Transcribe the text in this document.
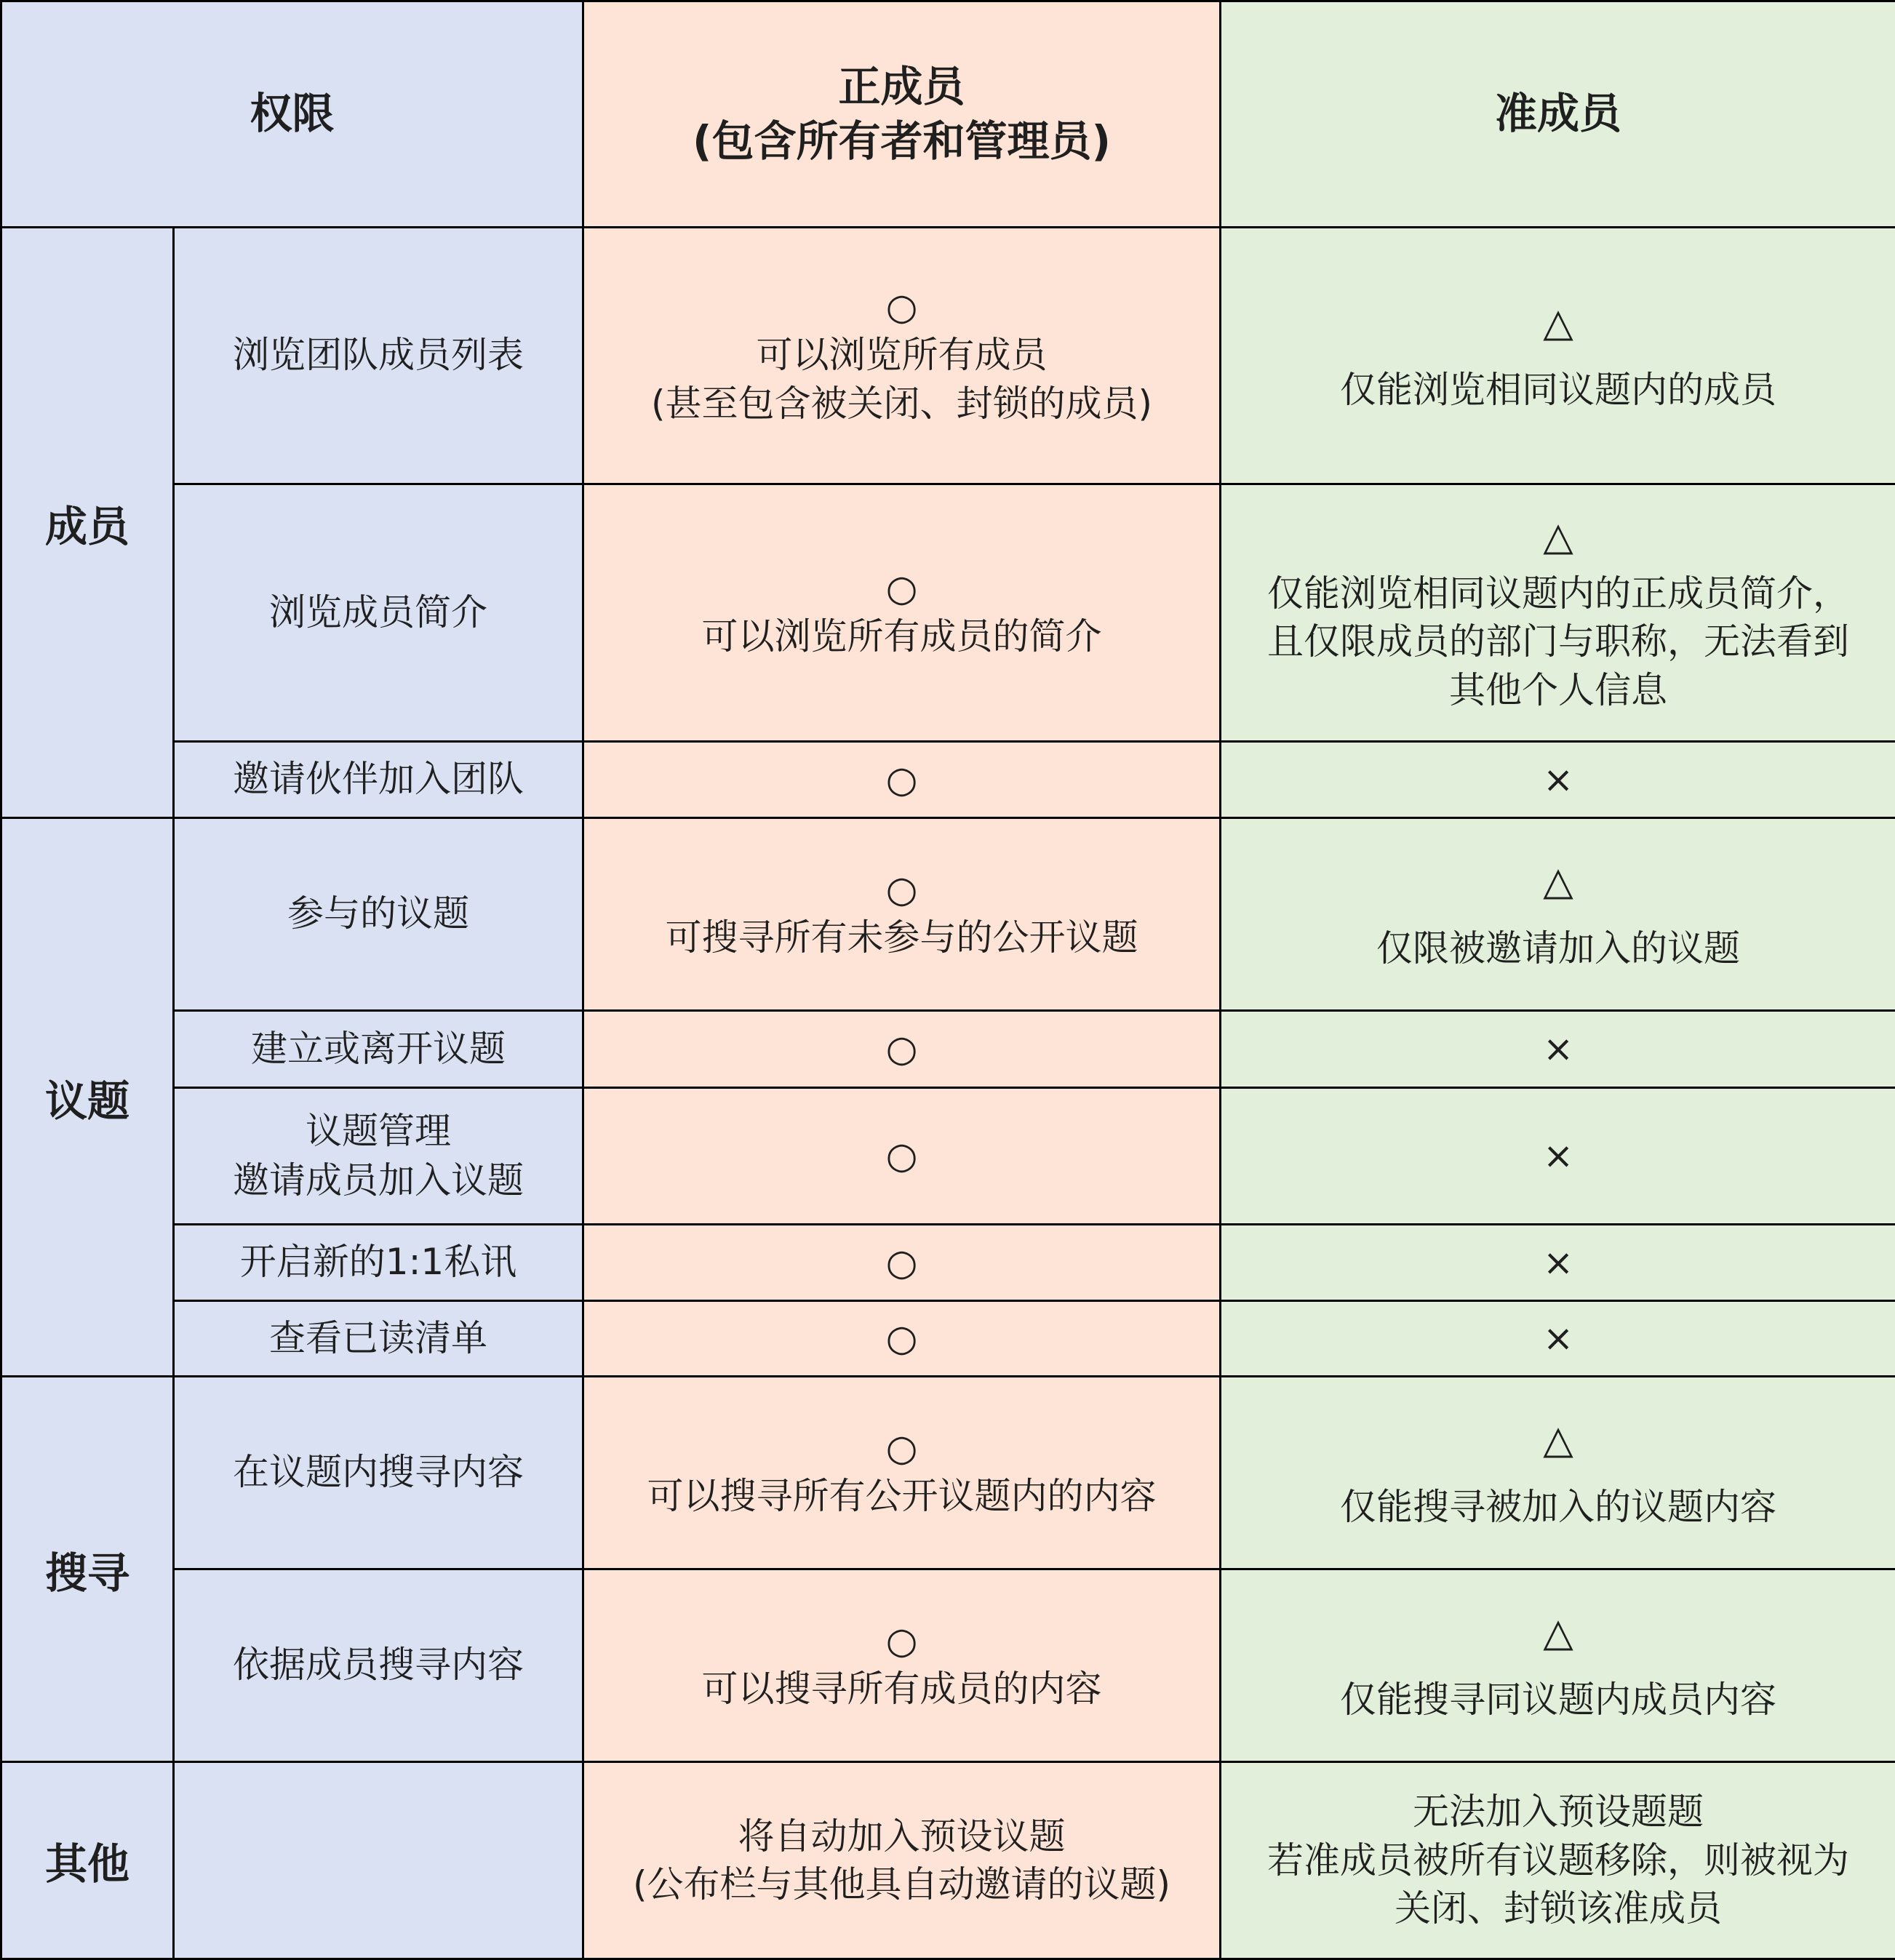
权限		正成员
(包含所有者和管理员)	准成员
成员	浏览团队成员列表	○
可以浏览所有成员
(甚至包含被关闭、封锁的成员)	△
仅能浏览相同议题内的成员

	浏览成员简介	○
可以浏览所有成员的简介	△
仅能浏览相同议题内的正成员简介，
且仅限成员的部门与职称，无法看到
其他个人信息

	邀请伙伴加入团队	○	×

议题	参与的议题	○
可搜寻所有未参与的公开议题	△
仅限被邀请加入的议题

	建立或离开议题	○	×

	议题管理
邀请成员加入议题	○	×

	开启新的1:1私讯	○	×

	查看已读清单	○	×

搜寻	在议题内搜寻内容	○
可以搜寻所有公开议题内的内容	△
仅能搜寻被加入的议题内容

	依据成员搜寻内容	○
可以搜寻所有成员的内容	△
仅能搜寻同议题内成员内容

其他		将自动加入预设议题
(公布栏与其他具自动邀请的议题)	无法加入预设题题
若准成员被所有议题移除，则被视为
关闭、封锁该准成员
